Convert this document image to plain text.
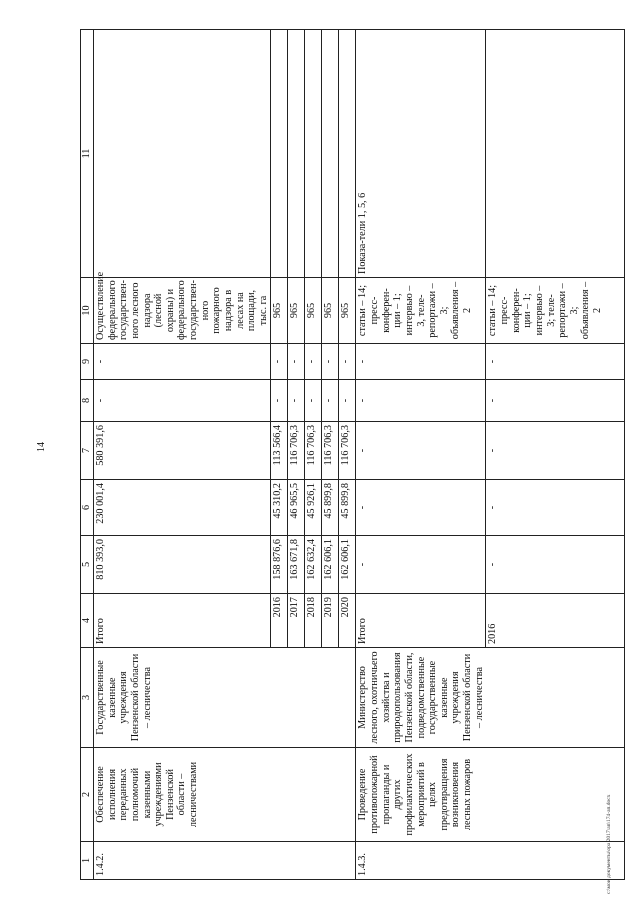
14
c:\мои документы\ора 2017\ап\174-ап.docx
1	2	3	4	5	6	7	8	9	10	11
1.4.2.	Обеспечение исполнения переданных полномочий казенными учреждениями Пензенской области – лесничествами	Государственные казенные учреждения Пензенской области – лесничества	Итого	810 393,0	230 001,4	580 391,6	-	-	Осуществление федерального государствен-ного лесного надзора (лесной охраны) и федерального государствен-ного пожарного надзора в лесах на площади, тыс. га	
			2016	158 876,6	45 310,2	113 566,4	-	-	965	
			2017	163 671,8	46 965,5	116 706,3	-	-	965	
			2018	162 632,4	45 926,1	116 706,3	-	-	965	
			2019	162 606,1	45 899,8	116 706,3	-	-	965	
			2020	162 606,1	45 899,8	116 706,3	-	-	965	
1.4.3.	Проведение противопожарной пропаганды и других профилактических мероприятий в целях предотвращения возникновения лесных пожаров	Министерство лесного, охотничьего хозяйства и природопользования Пензенской области, подведомственные государственные казенные учреждения Пензенской области – лесничества	Итого	-	-	-	-	-	статьи – 14; пресс-конферен-ции – 1; интервью – 3, теле-репортажи –3; объявления – 2	Показа-тели 1, 5, 6
			2016	-	-	-	-	-	статьи – 14; пресс-конферен-ции – 1; интервью – 3; теле-репортажи –3; объявления – 2	
